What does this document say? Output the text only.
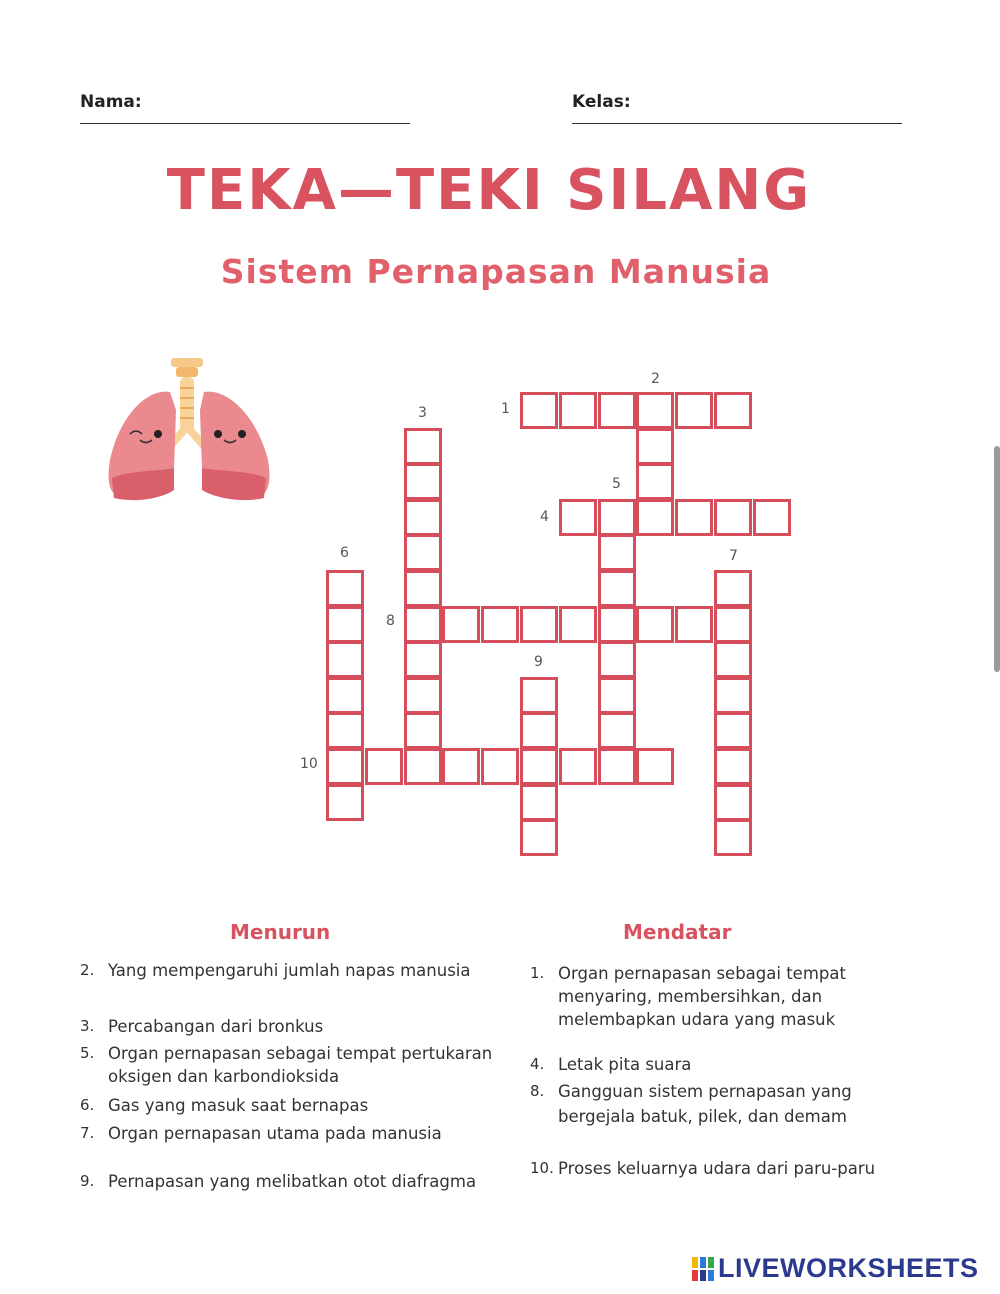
Nama:	Kelas:
TEKA—TEKI SILANG
Sistem Pernapasan Manusia
2
3	1
5
4
6	7
8
9
10
Menurun	Mendatar
2. Yang mempengaruhi jumlah napas manusia
3. Percabangan dari bronkus
5. Organ pernapasan sebagai tempat pertukaran oksigen dan karbondioksida
6. Gas yang masuk saat bernapas
7. Organ pernapasan utama pada manusia
9. Pernapasan yang melibatkan otot diafragma
1. Organ pernapasan sebagai tempat menyaring, membersihkan, dan melembapkan udara yang masuk
4. Letak pita suara
8. Gangguan sistem pernapasan yang bergejala batuk, pilek, dan demam
10. Proses keluarnya udara dari paru-paru
LIVEWORKSHEETS
